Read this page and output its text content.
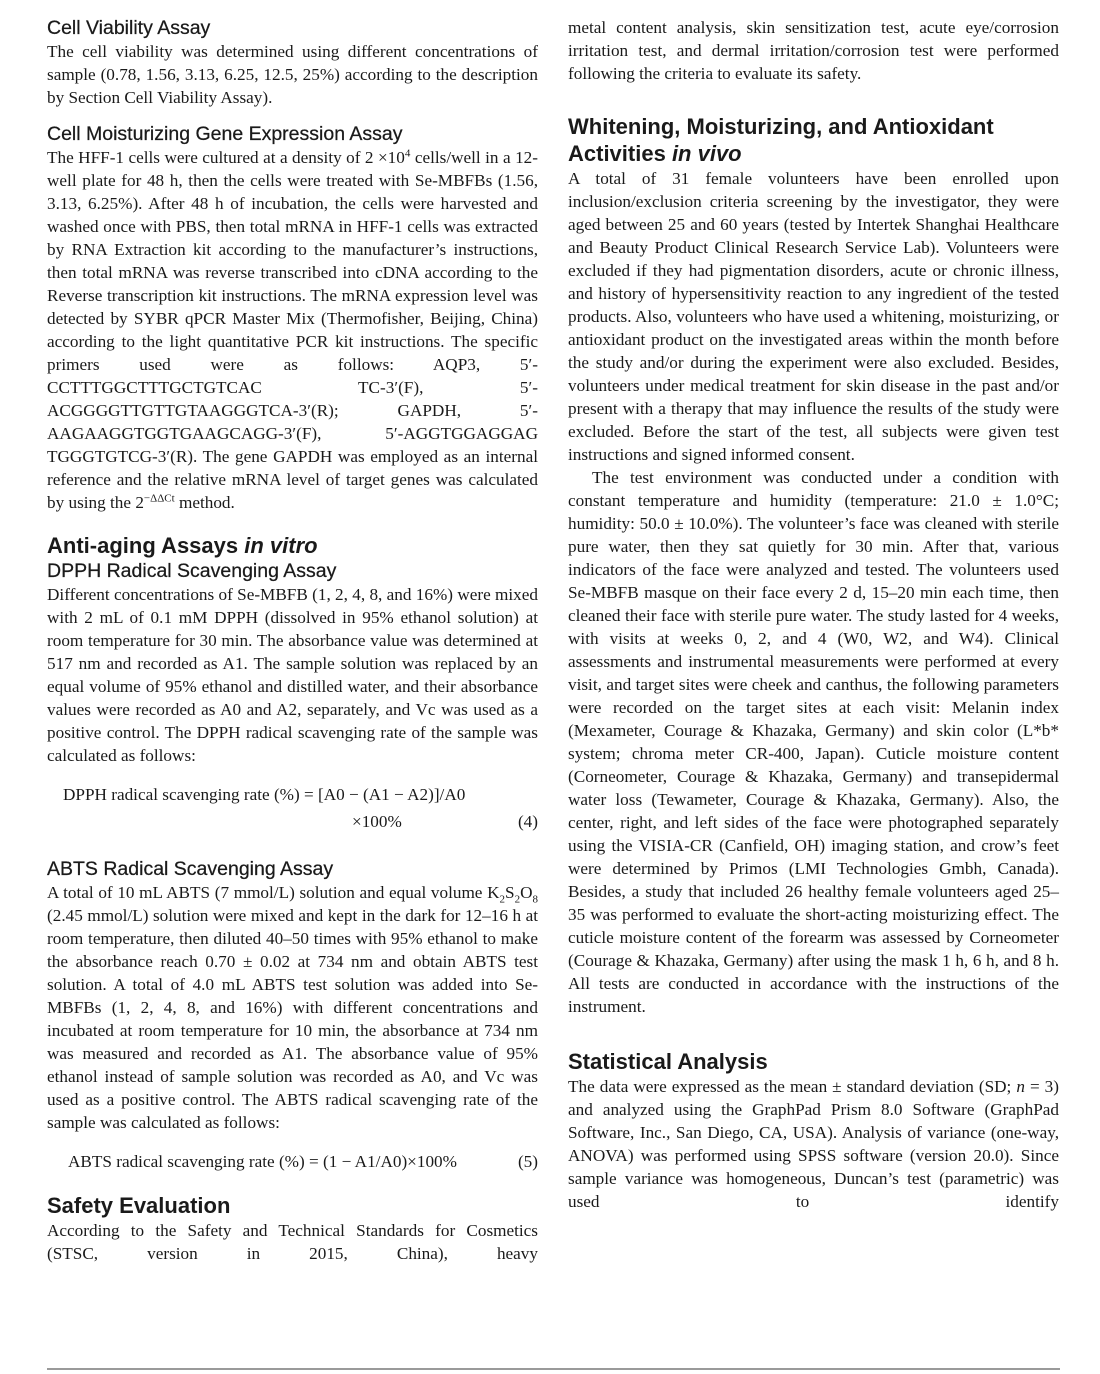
Cell Viability Assay

The cell viability was determined using different concentrations of sample (0.78, 1.56, 3.13, 6.25, 12.5, 25%) according to the description by Section Cell Viability Assay).

Cell Moisturizing Gene Expression Assay

The HFF-1 cells were cultured at a density of $2 \times 10^4$ cells/well in a 12-well plate for 48 h, then the cells were treated with Se-MBFBs (1.56, 3.13, 6.25%). After 48 h of incubation, the cells were harvested and washed once with PBS, then total mRNA in HFF-1 cells was extracted by RNA Extraction kit according to the manufacturer’s instructions, then total mRNA was reverse transcribed into cDNA according to the Reverse transcription kit instructions. The mRNA expression level was detected by SYBR qPCR Master Mix (Thermofisher, Beijing, China) according to the light quantitative PCR kit instructions. The specific primers used were as follows: AQP3, 5′-CCTTTGGCTTTGCTGTCAC TC-3′(F), 5′-ACGGGGTTGTTGTAAGGGTCA-3′(R); GAPDH, 5′-AAGAAGGTGGTGAAGCAGG-3′(F), 5′-AGGTGGAGGAG TGGGTGTCG-3′(R). The gene GAPDH was employed as an internal reference and the relative mRNA level of target genes was calculated by using the $2^{-\Delta\Delta Ct}$ method.

Anti-aging Assays in vitro
DPPH Radical Scavenging Assay

Different concentrations of Se-MBFB (1, 2, 4, 8, and 16%) were mixed with 2 mL of 0.1 mM DPPH (dissolved in 95% ethanol solution) at room temperature for 30 min. The absorbance value was determined at 517 nm and recorded as A1. The sample solution was replaced by an equal volume of 95% ethanol and distilled water, and their absorbance values were recorded as A0 and A2, separately, and Vc was used as a positive control. The DPPH radical scavenging rate of the sample was calculated as follows:

DPPH radical scavenging rate (%) = [A0 − (A1 − A2)]/A0
×100%	(4)
ABTS Radical Scavenging Assay

A total of 10 mL ABTS (7 mmol/L) solution and equal volume $K_2S_2O_8$ (2.45 mmol/L) solution were mixed and kept in the dark for 12–16 h at room temperature, then diluted 40–50 times with 95% ethanol to make the absorbance reach 0.70 ± 0.02 at 734 nm and obtain ABTS test solution. A total of 4.0 mL ABTS test solution was added into Se-MBFBs (1, 2, 4, 8, and 16%) with different concentrations and incubated at room temperature for 10 min, the absorbance at 734 nm was measured and recorded as A1. The absorbance value of 95% ethanol instead of sample solution was recorded as A0, and Vc was used as a positive control. The ABTS radical scavenging rate of the sample was calculated as follows:

ABTS radical scavenging rate (%) = (1 − A1/A0)×100%	(5)
Safety Evaluation

According to the Safety and Technical Standards for Cosmetics (STSC, version in 2015, China), heavy

metal content analysis, skin sensitization test, acute eye/corrosion irritation test, and dermal irritation/corrosion test were performed following the criteria to evaluate its safety.

Whitening, Moisturizing, and Antioxidant Activities in vivo

A total of 31 female volunteers have been enrolled upon inclusion/exclusion criteria screening by the investigator, they were aged between 25 and 60 years (tested by Intertek Shanghai Healthcare and Beauty Product Clinical Research Service Lab). Volunteers were excluded if they had pigmentation disorders, acute or chronic illness, and history of hypersensitivity reaction to any ingredient of the tested products. Also, volunteers who have used a whitening, moisturizing, or antioxidant product on the investigated areas within the month before the study and/or during the experiment were also excluded. Besides, volunteers under medical treatment for skin disease in the past and/or present with a therapy that may influence the results of the study were excluded. Before the start of the test, all subjects were given test instructions and signed informed consent.

The test environment was conducted under a condition with constant temperature and humidity (temperature: 21.0 ± 1.0°C; humidity: 50.0 ± 10.0%). The volunteer’s face was cleaned with sterile pure water, then they sat quietly for 30 min. After that, various indicators of the face were analyzed and tested. The volunteers used Se-MBFB masque on their face every 2 d, 15–20 min each time, then cleaned their face with sterile pure water. The study lasted for 4 weeks, with visits at weeks 0, 2, and 4 (W0, W2, and W4). Clinical assessments and instrumental measurements were performed at every visit, and target sites were cheek and canthus, the following parameters were recorded on the target sites at each visit: Melanin index (Mexameter, Courage & Khazaka, Germany) and skin color (L*b* system; chroma meter CR-400, Japan). Cuticle moisture content (Corneometer, Courage & Khazaka, Germany) and transepidermal water loss (Tewameter, Courage & Khazaka, Germany). Also, the center, right, and left sides of the face were photographed separately using the VISIA-CR (Canfield, OH) imaging station, and crow’s feet were determined by Primos (LMI Technologies Gmbh, Canada). Besides, a study that included 26 healthy female volunteers aged 25–35 was performed to evaluate the short-acting moisturizing effect. The cuticle moisture content of the forearm was assessed by Corneometer (Courage & Khazaka, Germany) after using the mask 1 h, 6 h, and 8 h. All tests are conducted in accordance with the instructions of the instrument.

Statistical Analysis

The data were expressed as the mean ± standard deviation (SD; n = 3) and analyzed using the GraphPad Prism 8.0 Software (GraphPad Software, Inc., San Diego, CA, USA). Analysis of variance (one-way, ANOVA) was performed using SPSS software (version 20.0). Since sample variance was homogeneous, Duncan’s test (parametric) was used to identify
